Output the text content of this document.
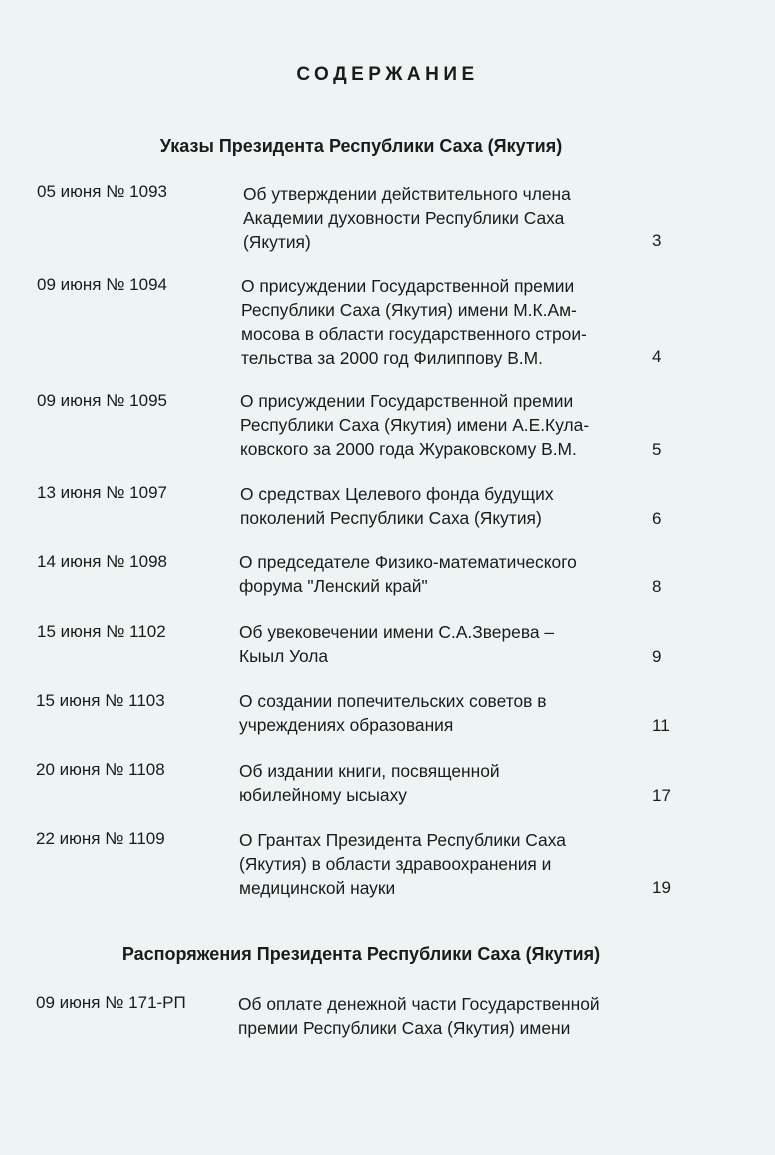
СОДЕРЖАНИЕ
Указы Президента Республики Саха (Якутия)
05 июня № 1093	Об утверждении действительного члена
Академии духовности Республики Саха
(Якутия)	3
09 июня № 1094	О присуждении Государственной премии
Республики Саха (Якутия) имени М.К.Ам-
мосова в области государственного строи-
тельства за 2000 год Филиппову В.М.	4
09 июня № 1095	О присуждении Государственной премии
Республики Саха (Якутия) имени А.Е.Кула-
ковского за 2000 года Жураковскому В.М.	5
13 июня № 1097	О средствах Целевого фонда будущих
поколений Республики Саха (Якутия)	6
14 июня № 1098	О председателе Физико-математического
форума "Ленский край"	8
15 июня № 1102	Об увековечении имени С.А.Зверева –
Кыыл Уола	9
15 июня № 1103	О создании попечительских советов в
учреждениях образования	11
20 июня № 1108	Об издании книги, посвященной
юбилейному ысыаху	17
22 июня № 1109	О Грантах Президента Республики Саха
(Якутия) в области здравоохранения и
медицинской науки	19
Распоряжения Президента Республики Саха (Якутия)
09 июня № 171-РП	Об оплате денежной части Государственной
премии Республики Саха (Якутия) имени
